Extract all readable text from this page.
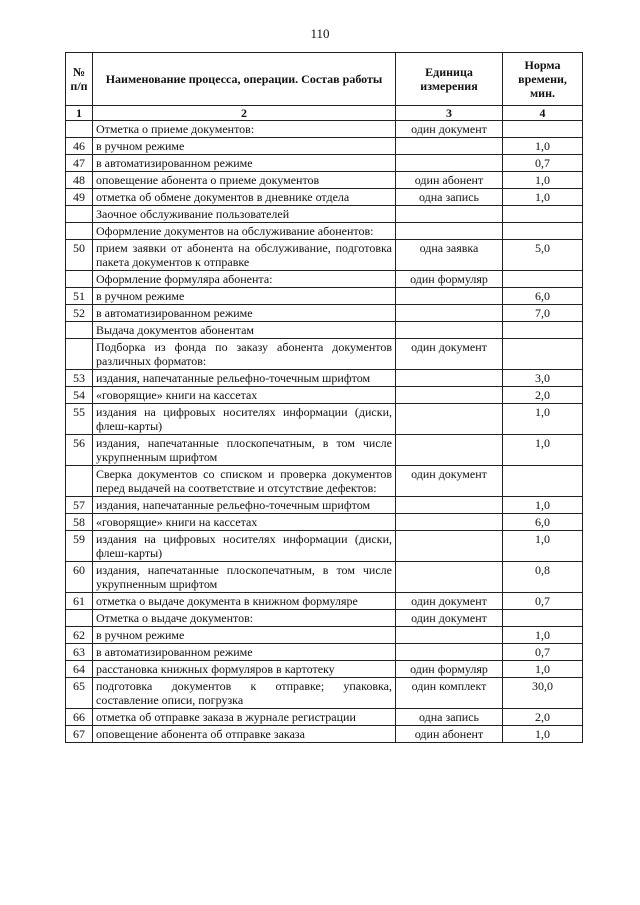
110
№ п/п	Наименование процесса, операции. Состав работы	Единица измерения	Норма времени, мин.
1	2	3	4
	Отметка о приеме документов:	один документ	
46	в ручном режиме		1,0
47	в автоматизированном режиме		0,7
48	оповещение абонента о приеме документов	один абонент	1,0
49	отметка об обмене документов в дневнике отдела	одна запись	1,0
	Заочное обслуживание пользователей		
	Оформление документов на обслуживание абонентов:		
50	прием заявки от абонента на обслуживание, подготовка пакета документов к отправке	одна заявка	5,0
	Оформление формуляра абонента:	один формуляр	
51	в ручном режиме		6,0
52	в автоматизированном режиме		7,0
	Выдача документов абонентам		
	Подборка из фонда по заказу абонента документов различных форматов:	один документ	
53	издания, напечатанные рельефно-точечным шрифтом		3,0
54	«говорящие» книги на кассетах		2,0
55	издания на цифровых носителях информации (диски, флеш-карты)		1,0
56	издания, напечатанные плоскопечатным, в том числе укрупненным шрифтом		1,0
	Сверка документов со списком и проверка документов перед выдачей на соответствие и отсутствие дефектов:	один документ	
57	издания, напечатанные рельефно-точечным шрифтом		1,0
58	«говорящие» книги на кассетах		6,0
59	издания на цифровых носителях информации (диски, флеш-карты)		1,0
60	издания, напечатанные плоскопечатным, в том числе укрупненным шрифтом		0,8
61	отметка о выдаче документа в книжном формуляре	один документ	0,7
	Отметка о выдаче документов:	один документ	
62	в ручном режиме		1,0
63	в автоматизированном режиме		0,7
64	расстановка книжных формуляров в картотеку	один формуляр	1,0
65	подготовка документов к отправке; упаковка, составление описи, погрузка	один комплект	30,0
66	отметка об отправке заказа в журнале регистрации	одна запись	2,0
67	оповещение абонента об отправке заказа	один абонент	1,0
